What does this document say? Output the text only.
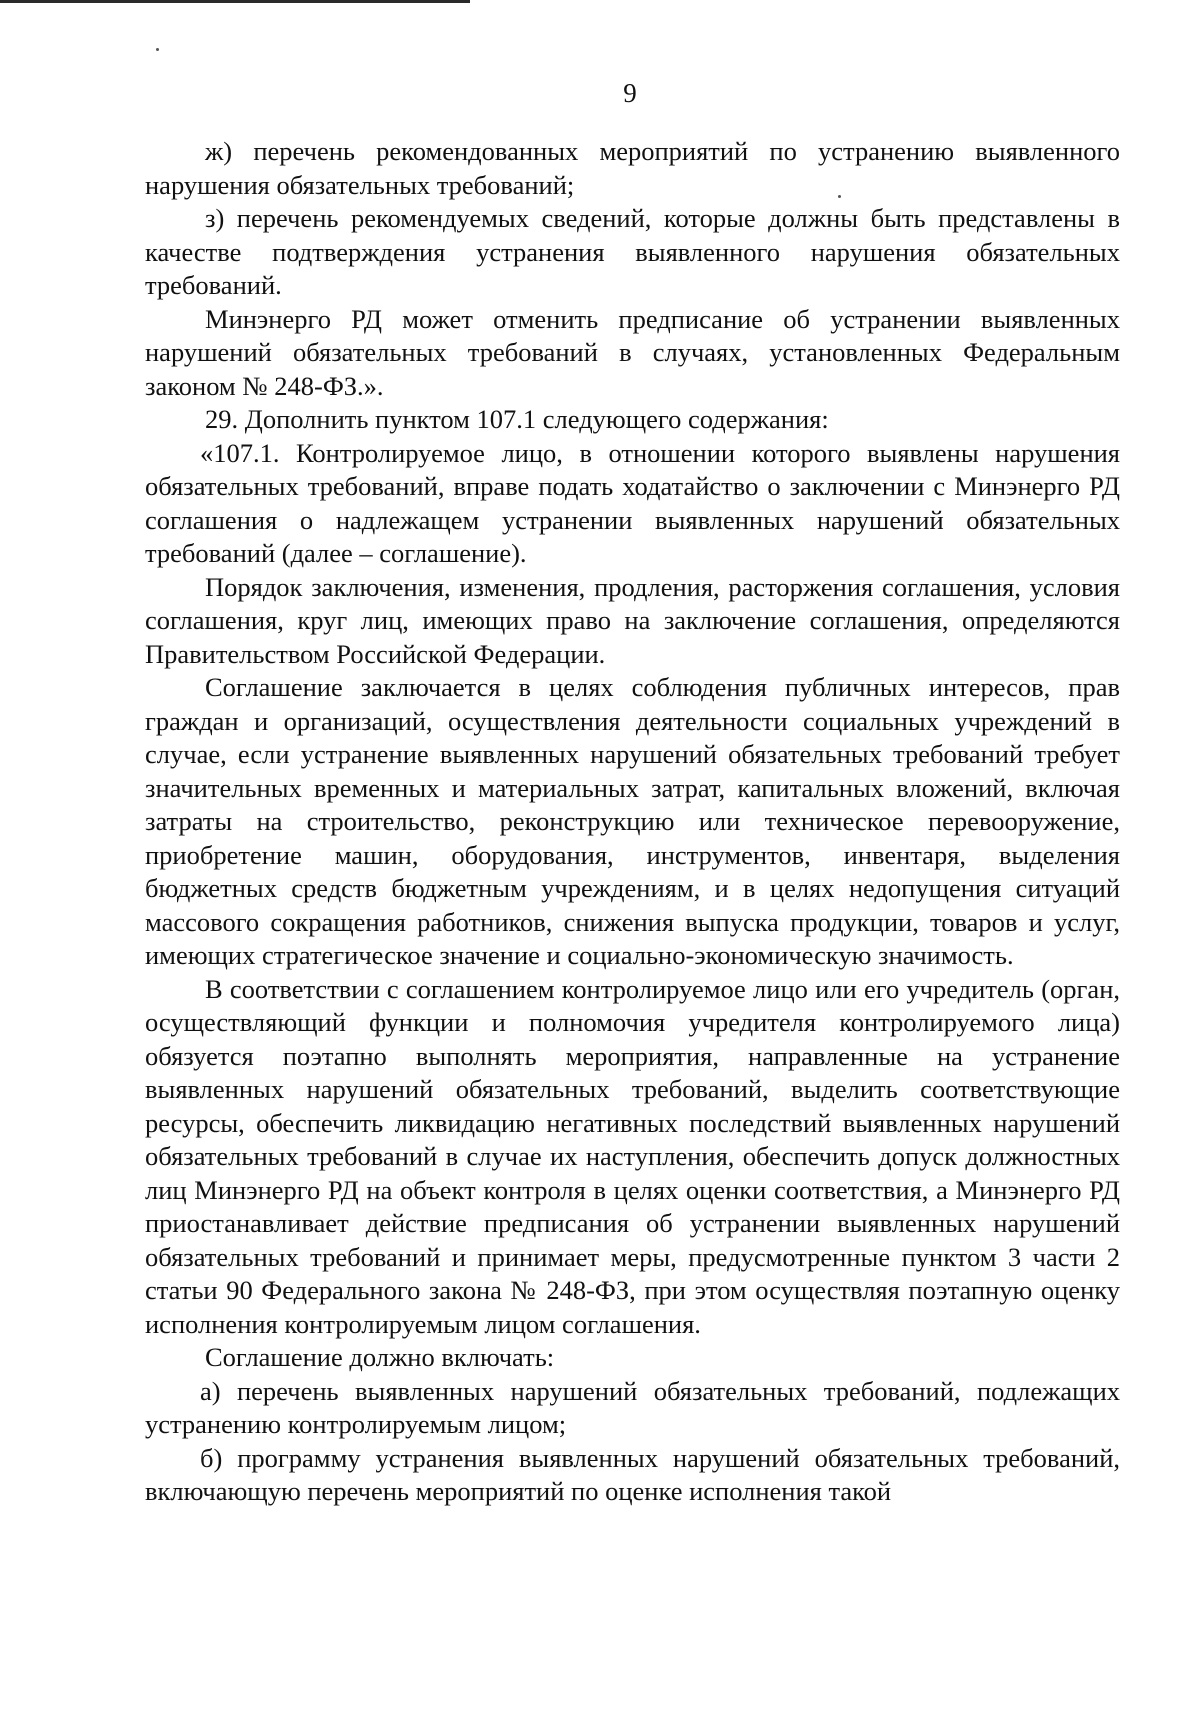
9

ж) перечень рекомендованных мероприятий по устранению выявленного нарушения обязательных требований;

з) перечень рекомендуемых сведений, которые должны быть представлены в качестве подтверждения устранения выявленного нарушения обязательных требований.

Минэнерго РД может отменить предписание об устранении выявленных нарушений обязательных требований в случаях, установленных Федеральным законом № 248-ФЗ.».

29. Дополнить пунктом 107.1 следующего содержания:

«107.1. Контролируемое лицо, в отношении которого выявлены нарушения обязательных требований, вправе подать ходатайство о заключении с Минэнерго РД соглашения о надлежащем устранении выявленных нарушений обязательных требований (далее – соглашение).

Порядок заключения, изменения, продления, расторжения соглашения, условия соглашения, круг лиц, имеющих право на заключение соглашения, определяются Правительством Российской Федерации.

Соглашение заключается в целях соблюдения публичных интересов, прав граждан и организаций, осуществления деятельности социальных учреждений в случае, если устранение выявленных нарушений обязательных требований требует значительных временных и материальных затрат, капитальных вложений, включая затраты на строительство, реконструкцию или техническое перевооружение, приобретение машин, оборудования, инструментов, инвентаря, выделения бюджетных средств бюджетным учреждениям, и в целях недопущения ситуаций массового сокращения работников, снижения выпуска продукции, товаров и услуг, имеющих стратегическое значение и социально-экономическую значимость.

В соответствии с соглашением контролируемое лицо или его учредитель (орган, осуществляющий функции и полномочия учредителя контролируемого лица) обязуется поэтапно выполнять мероприятия, направленные на устранение выявленных нарушений обязательных требований, выделить соответствующие ресурсы, обеспечить ликвидацию негативных последствий выявленных нарушений обязательных требований в случае их наступления, обеспечить допуск должностных лиц Минэнерго РД на объект контроля в целях оценки соответствия, а Минэнерго РД приостанавливает действие предписания об устранении выявленных нарушений обязательных требований и принимает меры, предусмотренные пунктом 3 части 2 статьи 90 Федерального закона № 248-ФЗ, при этом осуществляя поэтапную оценку исполнения контролируемым лицом соглашения.

Соглашение должно включать:

а) перечень выявленных нарушений обязательных требований, подлежащих устранению контролируемым лицом;

б) программу устранения выявленных нарушений обязательных требований, включающую перечень мероприятий по оценке исполнения такой
